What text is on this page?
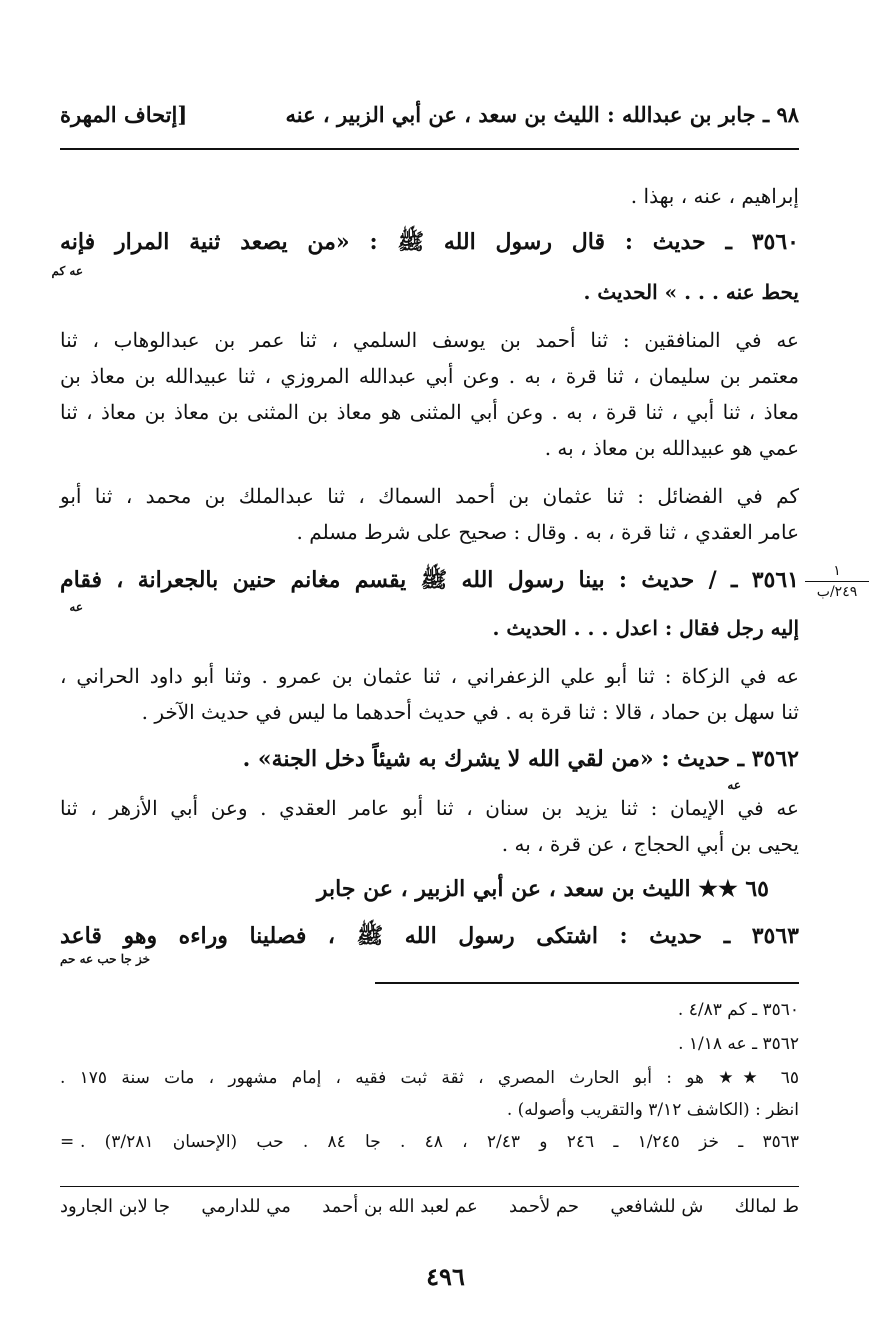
٩٨ ـ جابر بن عبدالله : الليث بن سعد ، عن أبي الزبير ، عنه
[إتحاف المهرة
إبراهيم ، عنه ، بهذا .
٣٥٦٠ ـ حديث : قال رسول الله ﷺ : «من يصعد ثنية المرار فإنه
عه كم
يحط عنه . . . » الحديث .
عه في المنافقين : ثنا أحمد بن يوسف السلمي ، ثنا عمر بن عبدالوهاب ، ثنا
معتمر بن سليمان ، ثنا قرة ، به . وعن أبي عبدالله المروزي ، ثنا عبيدالله بن معاذ بن
معاذ ، ثنا أبي ، ثنا قرة ، به . وعن أبي المثنى هو معاذ بن المثنى بن معاذ بن معاذ ، ثنا
عمي هو عبيدالله بن معاذ ، به .
كم في الفضائل : ثنا عثمان بن أحمد السماك ، ثنا عبدالملك بن محمد ، ثنا أبو
عامر العقدي ، ثنا قرة ، به . وقال : صحيح على شرط مسلم .
٣٥٦١ ـ / حديث : بينا رسول الله ﷺ يقسم مغانم حنين بالجعرانة ، فقام
عه
إليه رجل فقال : اعدل . . . الحديث .
١
٢٤٩/ب
عه في الزكاة : ثنا أبو علي الزعفراني ، ثنا عثمان بن عمرو . وثنا أبو داود الحراني ،
ثنا سهل بن حماد ، قالا : ثنا قرة به . في حديث أحدهما ما ليس في حديث الآخر .
٣٥٦٢ ـ حديث : «من لقي الله لا يشرك به شيئاً دخل الجنة» .
عه
عه في الإيمان : ثنا يزيد بن سنان ، ثنا أبو عامر العقدي . وعن أبي الأزهر ، ثنا
يحيى بن أبي الحجاج ، عن قرة ، به .
٦٥ ★★ الليث بن سعد ، عن أبي الزبير ، عن جابر
٣٥٦٣ ـ حديث : اشتكى رسول الله ﷺ ، فصلينا وراءه وهو قاعد
خز جا حب عه حم
٣٥٦٠ ـ كم ٤/٨٣ .
٣٥٦٢ ـ عه ١/١٨ .
٦٥ ★★ هو : أبو الحارث المصري ، ثقة ثبت فقيه ، إمام مشهور ، مات سنة ١٧٥ .
انظر : (الكاشف ٣/١٢ والتقريب وأصوله) .
٣٥٦٣ ـ خز ١/٢٤٥ ـ ٢٤٦ و ٢/٤٣ ، ٤٨ . جا ٨٤ . حب (الإحسان ٣/٢٨١) .
=
ط لمالك
ش للشافعي
حم لأحمد
عم لعبد الله بن أحمد
مي للدارمي
جا لابن الجارود
٤٩٦
